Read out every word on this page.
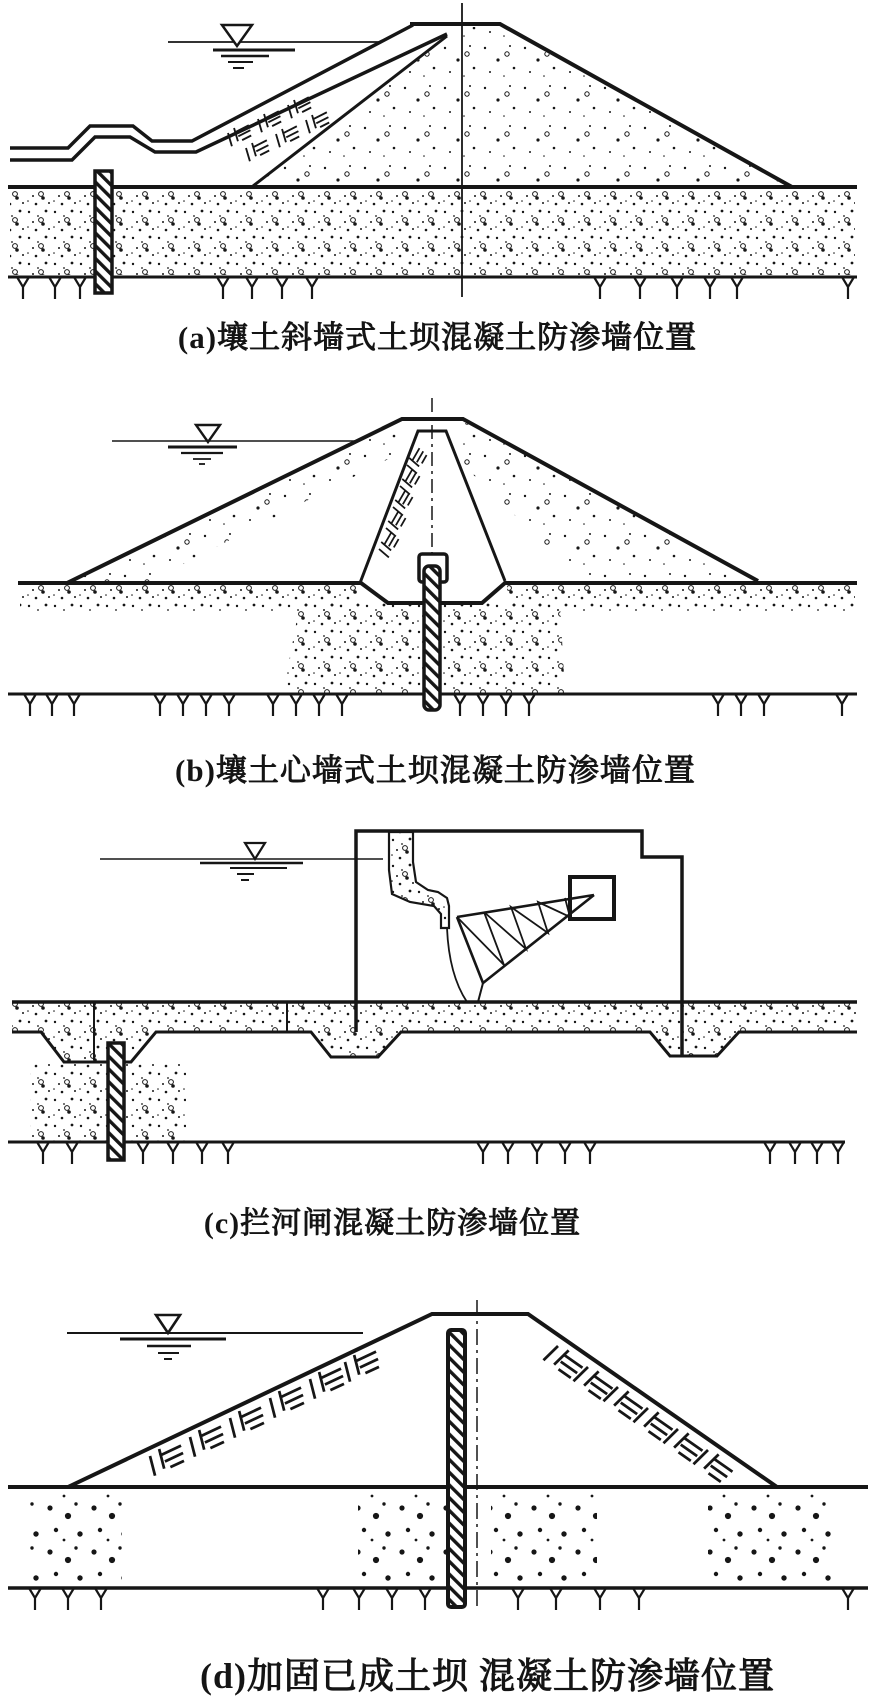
(a)壤土斜墙式土坝混凝土防渗墙位置
(b)壤土心墙式土坝混凝土防渗墙位置
(c)拦河闸混凝土防渗墙位置
(d)加固已成土坝 混凝土防渗墙位置
